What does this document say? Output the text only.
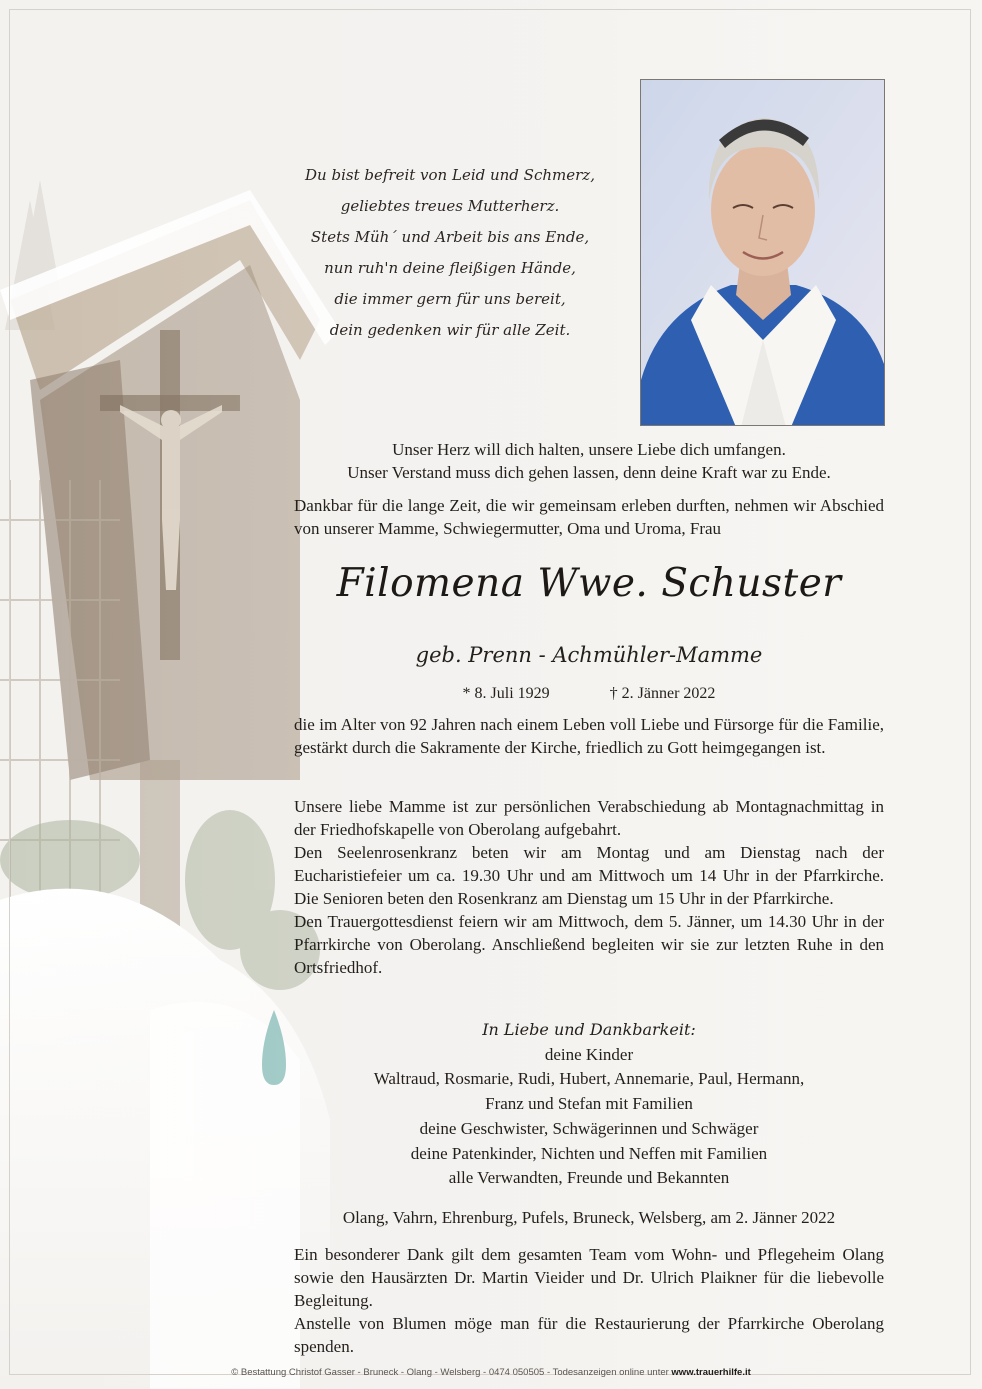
Du bist befreit von Leid und Schmerz,
geliebtes treues Mutterherz.
Stets Müh´ und Arbeit bis ans Ende,
nun ruh'n deine fleißigen Hände,
die immer gern für uns bereit,
dein gedenken wir für alle Zeit.
Unser Herz will dich halten, unsere Liebe dich umfangen.
Unser Verstand muss dich gehen lassen, denn deine Kraft war zu Ende.
Dankbar für die lange Zeit, die wir gemeinsam erleben durften, nehmen wir Abschied von unserer Mamme, Schwiegermutter, Oma und Uroma, Frau
Filomena Wwe. Schuster
geb. Prenn - Achmühler-Mamme
* 8. Juli 1929	† 2. Jänner 2022

die im Alter von 92 Jahren nach einem Leben voll Liebe und Fürsorge für die Familie, gestärkt durch die Sakramente der Kirche, friedlich zu Gott heimgegangen ist.

Unsere liebe Mamme ist zur persönlichen Verabschiedung ab Montagnachmittag in der Friedhofskapelle von Oberolang aufgebahrt.

Den Seelenrosenkranz beten wir am Montag und am Dienstag nach der Eucharistiefeier um ca. 19.30 Uhr und am Mittwoch um 14 Uhr in der Pfarrkirche. Die Senioren beten den Rosenkranz am Dienstag um 15 Uhr in der Pfarrkirche.

Den Trauergottesdienst feiern wir am Mittwoch, dem 5. Jänner, um 14.30 Uhr in der Pfarrkirche von Oberolang. Anschließend begleiten wir sie zur letzten Ruhe in den Ortsfriedhof.

In Liebe und Dankbarkeit:
deine Kinder
Waltraud, Rosmarie, Rudi, Hubert, Annemarie, Paul, Hermann,
Franz und Stefan mit Familien
deine Geschwister, Schwägerinnen und Schwäger
deine Patenkinder, Nichten und Neffen mit Familien
alle Verwandten, Freunde und Bekannten
Olang, Vahrn, Ehrenburg, Pufels, Bruneck, Welsberg, am 2. Jänner 2022

Ein besonderer Dank gilt dem gesamten Team vom Wohn- und Pflegeheim Olang sowie den Hausärzten Dr. Martin Vieider und Dr. Ulrich Plaikner für die liebevolle Begleitung.

Anstelle von Blumen möge man für die Restaurierung der Pfarrkirche Oberolang spenden.

© Bestattung Christof Gasser - Bruneck - Olang - Welsberg - 0474 050505 - Todesanzeigen online unter www.trauerhilfe.it
